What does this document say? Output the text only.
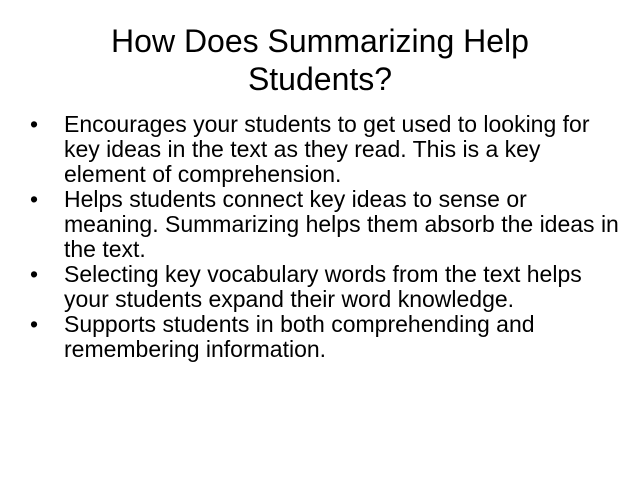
How Does Summarizing Help
Students?
•	Encourages your students to get used to looking for key ideas in the text as they read. This is a key element of comprehension.
•	Helps students connect key ideas to sense or meaning. Summarizing helps them absorb the ideas in the text.
•	Selecting key vocabulary words from the text helps your students expand their word knowledge.
•	Supports students in both comprehending and remembering information.
